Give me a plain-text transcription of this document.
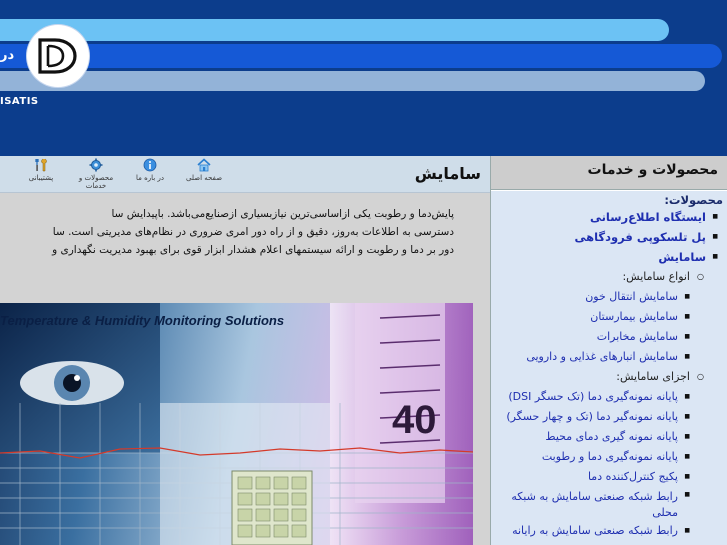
در
ISATIS
پشتیبانی	محصولات و خدمات
در باره ما	صفحه اصلی	سامایش

پایش‌دما و رطوبت یکی ازاساسی‌ترین نیازبسیاری ازصنایع‌می‌باشد. باپیدایش سا

دسترسی به اطلاعات به‌روز، دقیق و از راه دور امری ضروری در نظام‌های مدیریتی است. سا

دور بر دما و رطوبت و ارائه سیستمهای اعلام هشدار ابزار قوی برای بهبود مدیریت نگهداری و

40
Temperature & Humidity Monitoring Solutions
محصولات و خدمات
محصولات:
■ ایستگاه اطلاع‌رسانی
■ پل تلسکوپی فرودگاهی
■ سامایش
○ انواع سامایش:
■ سامایش انتقال خون
■ سامایش بیمارستان
■ سامایش مخابرات
■ سامایش انبارهای غذایی و دارویی
○ اجزای سامایش:
■ پایانه نمونه‌گیری دما (تک حسگر DSI)
■ پایانه نمونه‌گیر دما (تک و چهار حسگر)
■ پایانه نمونه گیری دمای محیط
■ پایانه نمونه‌گیری دما و رطوبت
■ پکیج کنترل‌کننده دما
■ رابط شبکه صنعتی سامایش به شبکه محلی
■ رابط شبکه صنعتی سامایش به رایانه
